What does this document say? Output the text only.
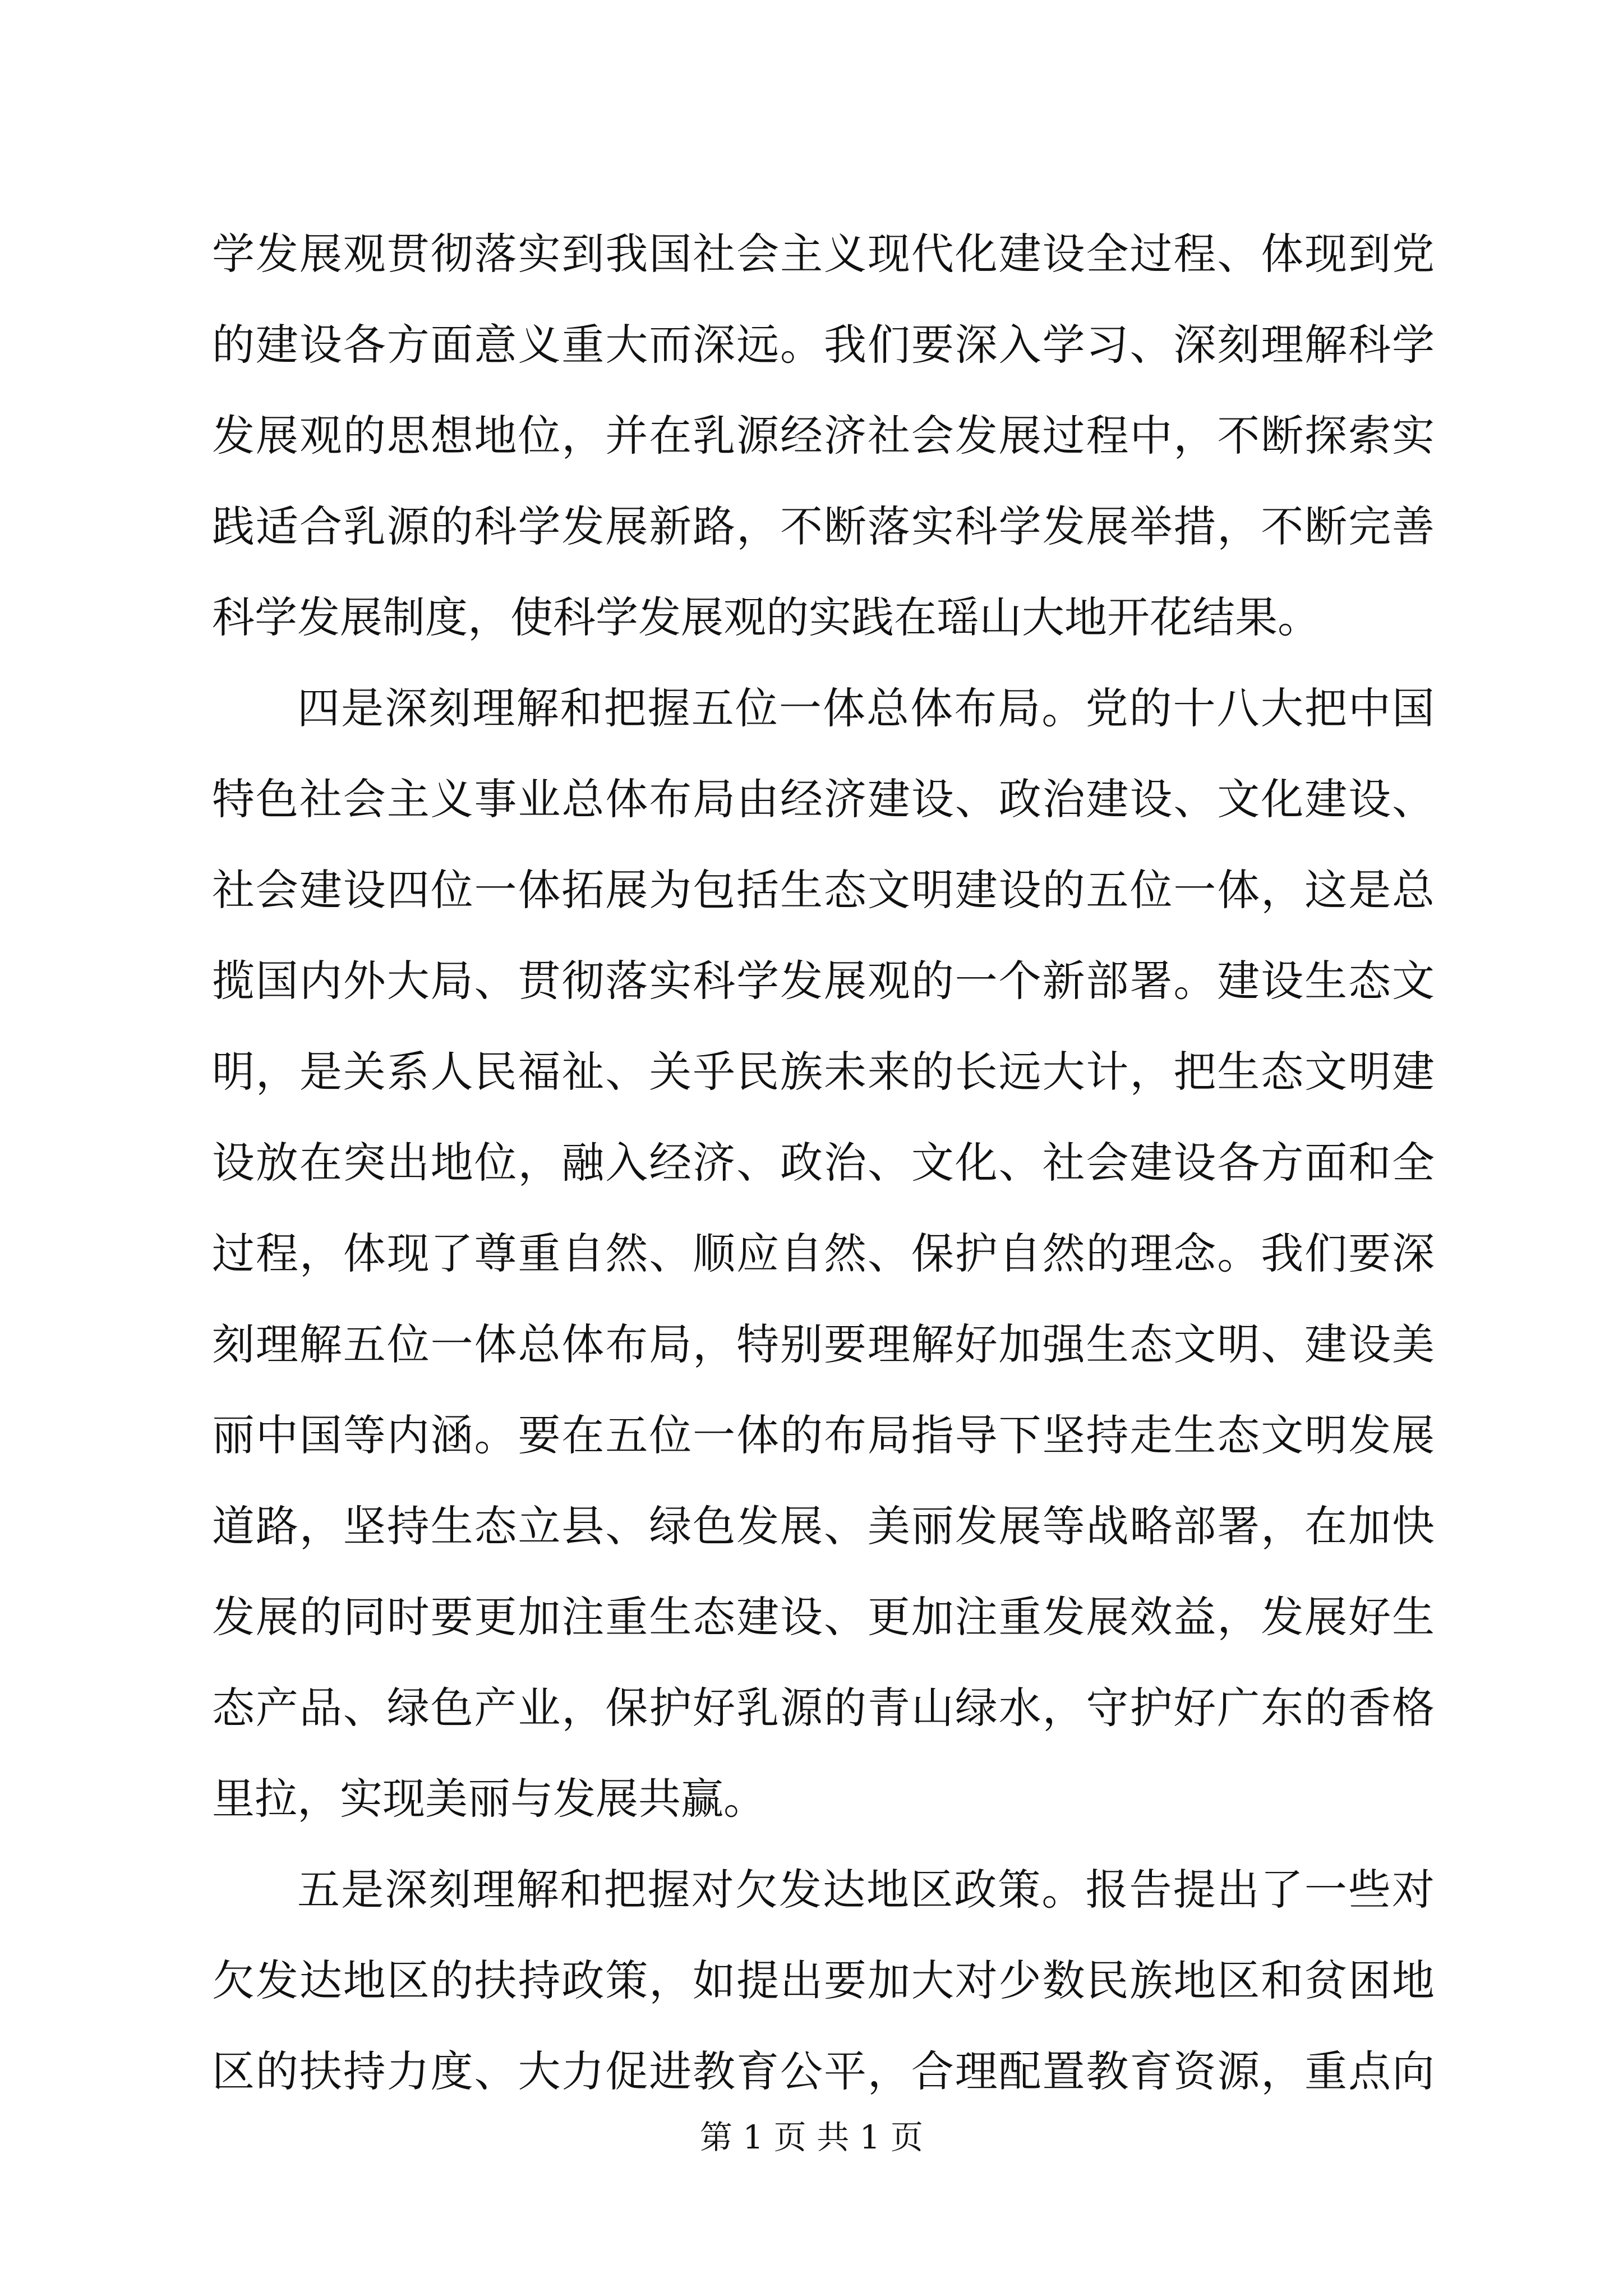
学发展观贯彻落实到我国社会主义现代化建设全过程、体现到党
的建设各方面意义重大而深远。我们要深入学习、深刻理解科学
发展观的思想地位，并在乳源经济社会发展过程中，不断探索实
践适合乳源的科学发展新路，不断落实科学发展举措，不断完善
科学发展制度，使科学发展观的实践在瑶山大地开花结果。
四是深刻理解和把握五位一体总体布局。党的十八大把中国
特色社会主义事业总体布局由经济建设、政治建设、文化建设、
社会建设四位一体拓展为包括生态文明建设的五位一体，这是总
揽国内外大局、贯彻落实科学发展观的一个新部署。建设生态文
明，是关系人民福祉、关乎民族未来的长远大计，把生态文明建
设放在突出地位，融入经济、政治、文化、社会建设各方面和全
过程，体现了尊重自然、顺应自然、保护自然的理念。我们要深
刻理解五位一体总体布局，特别要理解好加强生态文明、建设美
丽中国等内涵。要在五位一体的布局指导下坚持走生态文明发展
道路，坚持生态立县、绿色发展、美丽发展等战略部署，在加快
发展的同时要更加注重生态建设、更加注重发展效益，发展好生
态产品、绿色产业，保护好乳源的青山绿水，守护好广东的香格
里拉，实现美丽与发展共赢。
五是深刻理解和把握对欠发达地区政策。报告提出了一些对
欠发达地区的扶持政策，如提出要加大对少数民族地区和贫困地
区的扶持力度、大力促进教育公平，合理配置教育资源，重点向
第 1 页 共 1 页
